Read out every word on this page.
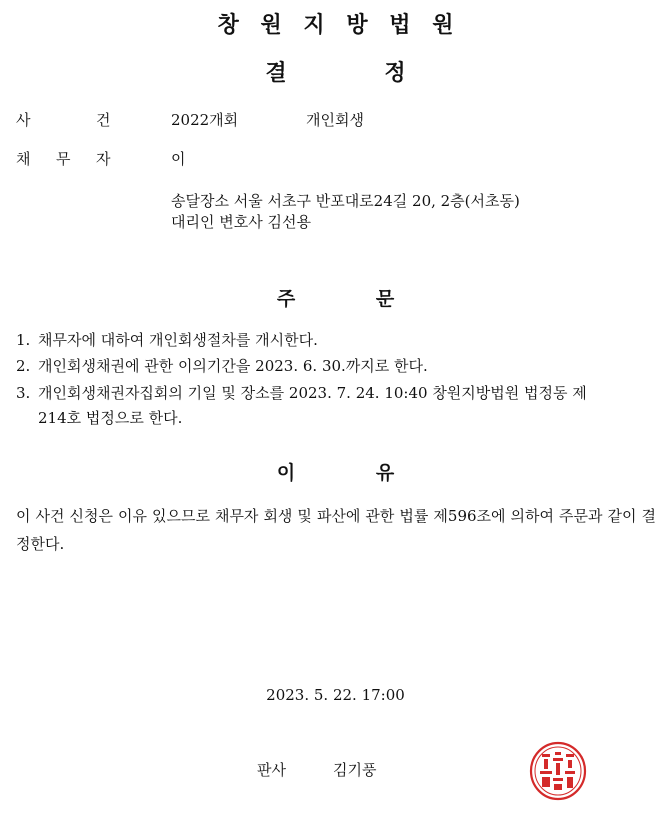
창 원 지 방 법 원
결	정
사	건	2022개회	개인회생
채 무 자	이
송달장소 서울 서초구 반포대로24길 20, 2층(서초동)
대리인 변호사 김선용
주	문
1. 채무자에 대하여 개인회생절차를 개시한다.
2. 개인회생채권에 관한 이의기간을 2023. 6. 30.까지로 한다.
3. 개인회생채권자집회의 기일 및 장소를 2023. 7. 24. 10:40 창원지방법원 법정동 제
214호 법정으로 한다.
이	유
이 사건 신청은 이유 있으므로 채무자 회생 및 파산에 관한 법률 제596조에 의하여 주문과 같이 결정한다.
2023. 5. 22. 17:00
판사	김기풍
